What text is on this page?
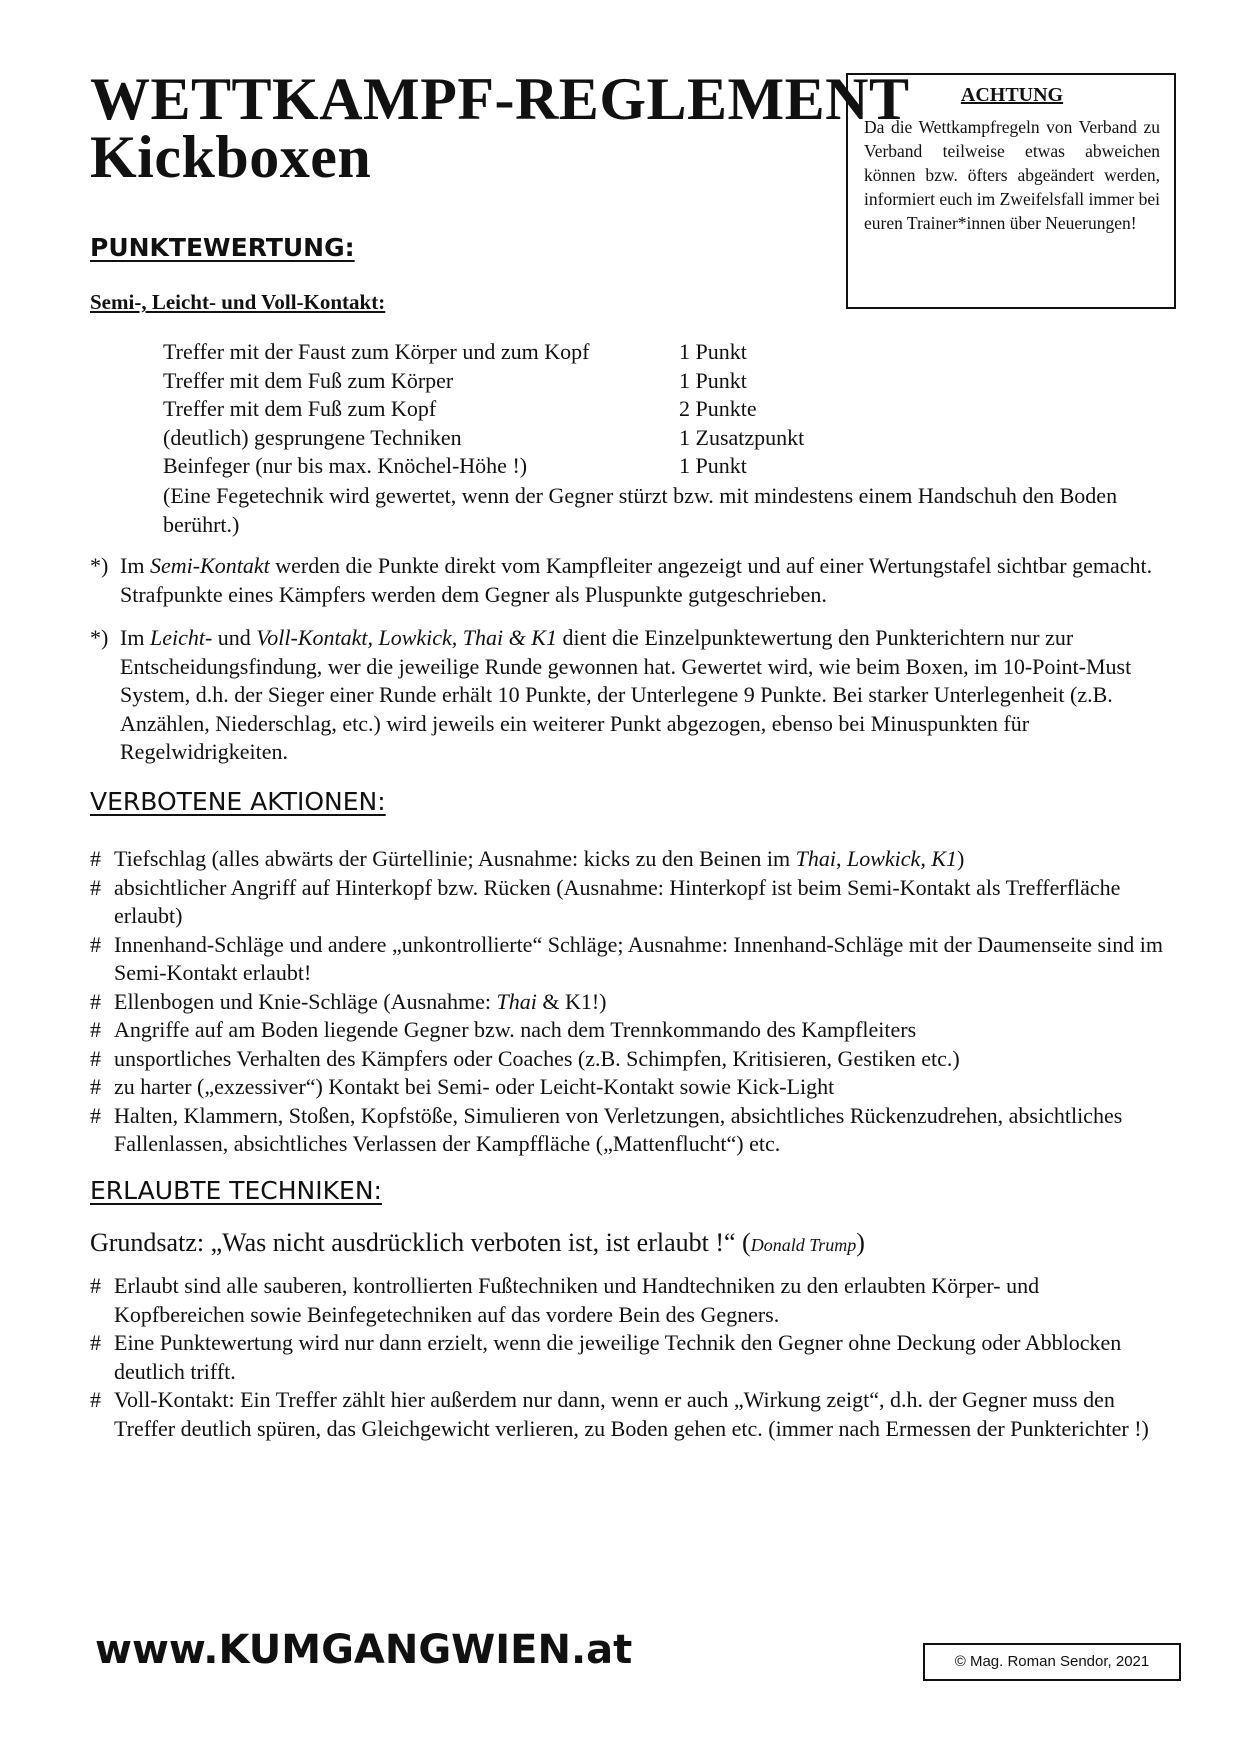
WETTKAMPF-REGLEMENT
Kickboxen
ACHTUNG
Da die Wettkampfregeln von Verband zu Verband teilweise etwas abweichen können bzw. öfters abgeändert werden, informiert euch im Zweifelsfall immer bei euren Trainer*innen über Neuerungen!
PUNKTEWERTUNG:
Semi-, Leicht- und Voll-Kontakt:
Treffer mit der Faust zum Körper und zum Kopf	1 Punkt
Treffer mit dem Fuß zum Körper	1 Punkt
Treffer mit dem Fuß zum Kopf	2 Punkte
(deutlich) gesprungene Techniken	1 Zusatzpunkt
Beinfeger (nur bis max. Knöchel-Höhe !)	1 Punkt
(Eine Fegetechnik wird gewertet, wenn der Gegner stürzt bzw. mit mindestens einem Handschuh den Boden berührt.)
*) Im Semi-Kontakt werden die Punkte direkt vom Kampfleiter angezeigt und auf einer Wertungstafel sichtbar gemacht. Strafpunkte eines Kämpfers werden dem Gegner als Pluspunkte gutgeschrieben.
*) Im Leicht- und Voll-Kontakt, Lowkick, Thai & K1 dient die Einzelpunktewertung den Punkterichtern nur zur Entscheidungsfindung, wer die jeweilige Runde gewonnen hat. Gewertet wird, wie beim Boxen, im 10-Point-Must System, d.h. der Sieger einer Runde erhält 10 Punkte, der Unterlegene 9 Punkte. Bei starker Unterlegenheit (z.B. Anzählen, Niederschlag, etc.) wird jeweils ein weiterer Punkt abgezogen, ebenso bei Minuspunkten für Regelwidrigkeiten.
VERBOTENE AKTIONEN:
# Tiefschlag (alles abwärts der Gürtellinie; Ausnahme: kicks zu den Beinen im Thai, Lowkick, K1)
# absichtlicher Angriff auf Hinterkopf bzw. Rücken (Ausnahme: Hinterkopf ist beim Semi-Kontakt als Trefferfläche erlaubt)
# Innenhand-Schläge und andere „unkontrollierte“ Schläge; Ausnahme: Innenhand-Schläge mit der Daumenseite sind im Semi-Kontakt erlaubt!
# Ellenbogen und Knie-Schläge (Ausnahme: Thai & K1!)
# Angriffe auf am Boden liegende Gegner bzw. nach dem Trennkommando des Kampfleiters
# unsportliches Verhalten des Kämpfers oder Coaches (z.B. Schimpfen, Kritisieren, Gestiken etc.)
# zu harter („exzessiver“) Kontakt bei Semi- oder Leicht-Kontakt sowie Kick-Light
# Halten, Klammern, Stoßen, Kopfstöße, Simulieren von Verletzungen, absichtliches Rückenzudrehen, absichtliches Fallenlassen, absichtliches Verlassen der Kampffläche („Mattenflucht“) etc.
ERLAUBTE TECHNIKEN:
Grundsatz: „Was nicht ausdrücklich verboten ist, ist erlaubt !“ (Donald Trump)
# Erlaubt sind alle sauberen, kontrollierten Fußtechniken und Handtechniken zu den erlaubten Körper- und Kopfbereichen sowie Beinfegetechniken auf das vordere Bein des Gegners.
# Eine Punktewertung wird nur dann erzielt, wenn die jeweilige Technik den Gegner ohne Deckung oder Abblocken deutlich trifft.
# Voll-Kontakt: Ein Treffer zählt hier außerdem nur dann, wenn er auch „Wirkung zeigt“, d.h. der Gegner muss den Treffer deutlich spüren, das Gleichgewicht verlieren, zu Boden gehen etc. (immer nach Ermessen der Punkterichter !)
www.KUMGANGWIEN.at	© Mag. Roman Sendor, 2021
